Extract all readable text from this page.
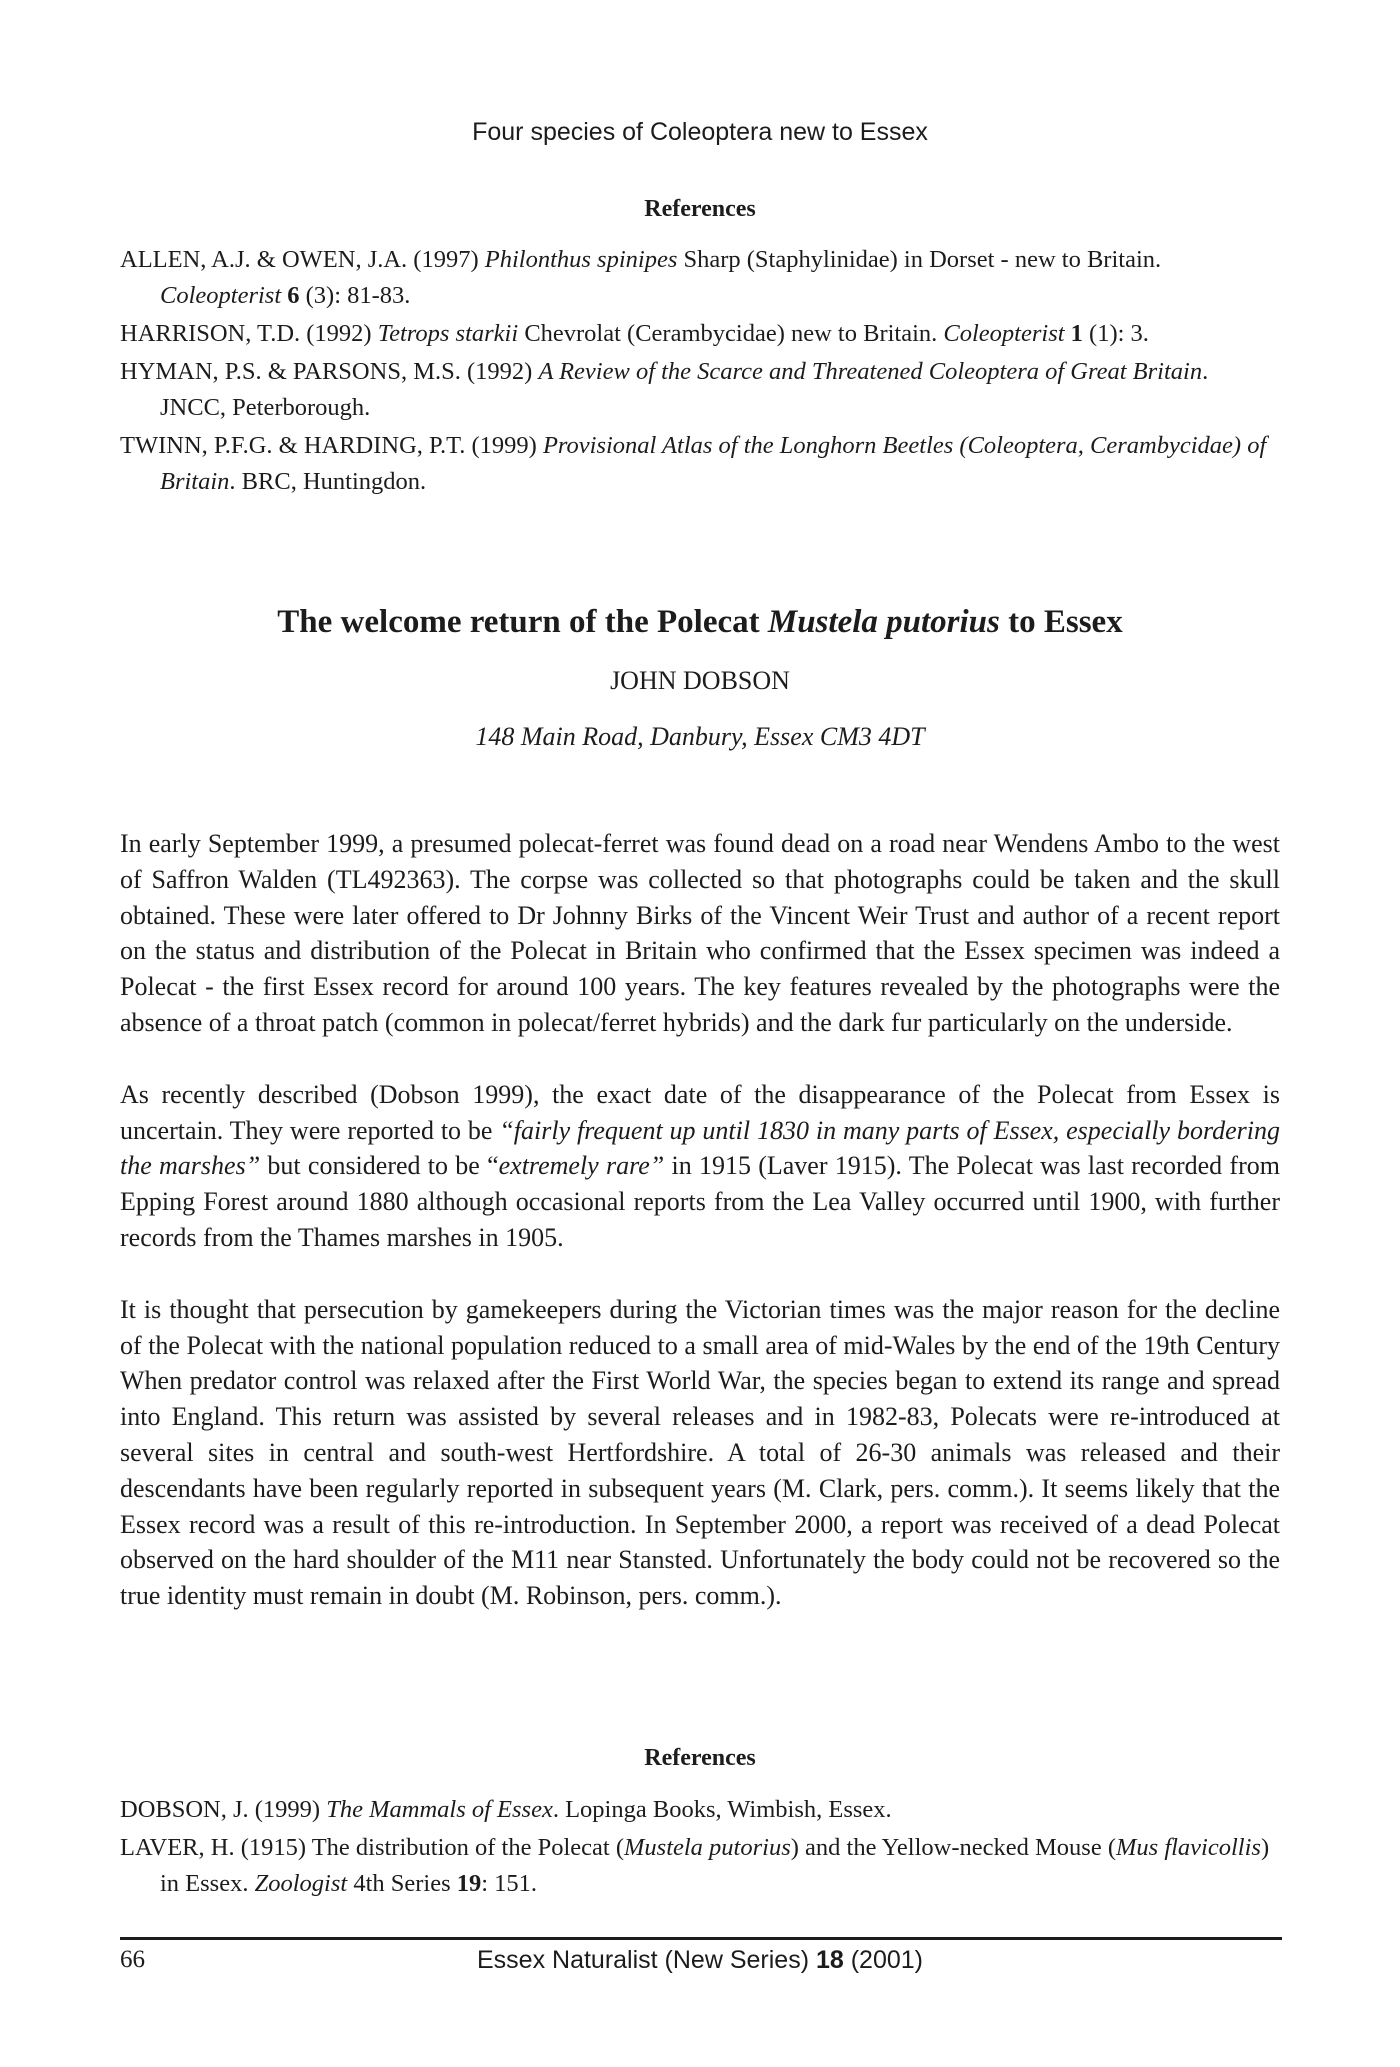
Four species of Coleoptera new to Essex
References

ALLEN, A.J. & OWEN, J.A. (1997) Philonthus spinipes Sharp (Staphylinidae) in Dorset - new to Britain. Coleopterist 6 (3): 81-83.

HARRISON, T.D. (1992) Tetrops starkii Chevrolat (Cerambycidae) new to Britain. Coleopterist 1 (1): 3.

HYMAN, P.S. & PARSONS, M.S. (1992) A Review of the Scarce and Threatened Coleoptera of Great Britain. JNCC, Peterborough.

TWINN, P.F.G. & HARDING, P.T. (1999) Provisional Atlas of the Longhorn Beetles (Coleoptera, Cerambycidae) of Britain. BRC, Huntingdon.

The welcome return of the Polecat Mustela putorius to Essex
JOHN DOBSON
148 Main Road, Danbury, Essex CM3 4DT

In early September 1999, a presumed polecat-ferret was found dead on a road near Wendens Ambo to the west of Saffron Walden (TL492363). The corpse was collected so that photographs could be taken and the skull obtained. These were later offered to Dr Johnny Birks of the Vincent Weir Trust and author of a recent report on the status and distribution of the Polecat in Britain who confirmed that the Essex specimen was indeed a Polecat - the first Essex record for around 100 years. The key features revealed by the photographs were the absence of a throat patch (common in polecat/ferret hybrids) and the dark fur particularly on the underside.

As recently described (Dobson 1999), the exact date of the disappearance of the Polecat from Essex is uncertain. They were reported to be “fairly frequent up until 1830 in many parts of Essex, especially bordering the marshes” but considered to be “extremely rare” in 1915 (Laver 1915). The Polecat was last recorded from Epping Forest around 1880 although occasional reports from the Lea Valley occurred until 1900, with further records from the Thames marshes in 1905.

It is thought that persecution by gamekeepers during the Victorian times was the major reason for the decline of the Polecat with the national population reduced to a small area of mid-Wales by the end of the 19th Century When predator control was relaxed after the First World War, the species began to extend its range and spread into England. This return was assisted by several releases and in 1982-83, Polecats were re-introduced at several sites in central and south-west Hertfordshire. A total of 26-30 animals was released and their descendants have been regularly reported in subsequent years (M. Clark, pers. comm.). It seems likely that the Essex record was a result of this re-introduction. In September 2000, a report was received of a dead Polecat observed on the hard shoulder of the M11 near Stansted. Unfortunately the body could not be recovered so the true identity must remain in doubt (M. Robinson, pers. comm.).

References

DOBSON, J. (1999) The Mammals of Essex. Lopinga Books, Wimbish, Essex.

LAVER, H. (1915) The distribution of the Polecat (Mustela putorius) and the Yellow-necked Mouse (Mus flavicollis) in Essex. Zoologist 4th Series 19: 151.

66	Essex Naturalist (New Series) 18 (2001)
